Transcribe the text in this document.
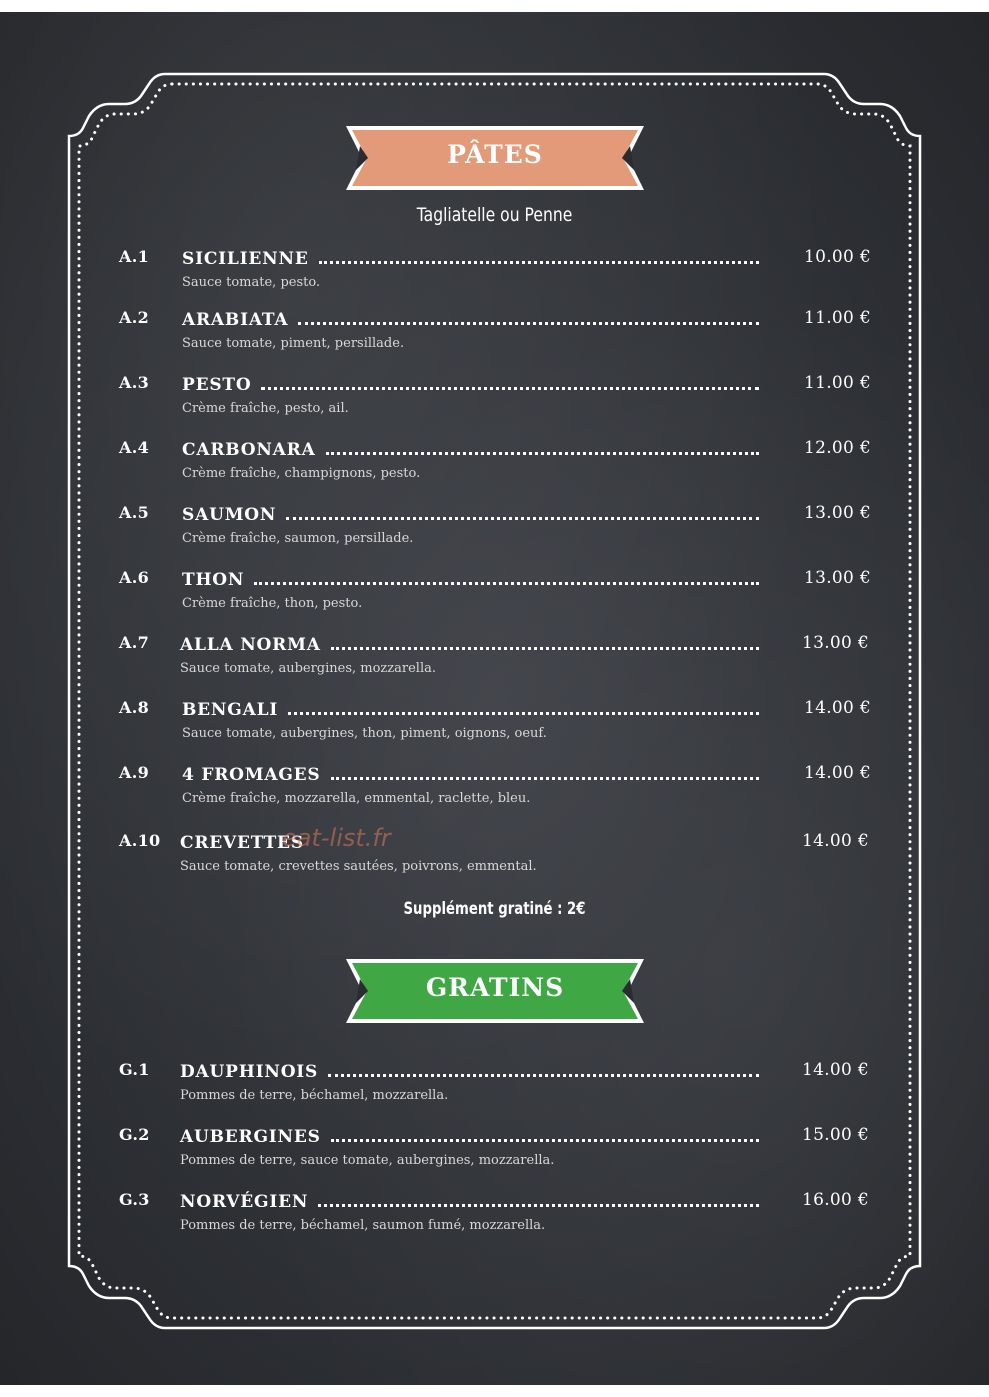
PÂTES
Tagliatelle ou Penne
A.1 SICILIENNE	10.00 €
Sauce tomate, pesto.
A.2 ARABIATA	11.00 €
Sauce tomate, piment, persillade.
A.3 PESTO	11.00 €
Crème fraîche, pesto, ail.
A.4 CARBONARA	12.00 €
Crème fraîche, champignons, pesto.
A.5 SAUMON	13.00 €
Crème fraîche, saumon, persillade.
A.6 THON	13.00 €
Crème fraîche, thon, pesto.
A.7 ALLA NORMA	13.00 €
Sauce tomate, aubergines, mozzarella.
A.8 BENGALI	14.00 €
Sauce tomate, aubergines, thon, piment, oignons, oeuf.
A.9 4 FROMAGES	14.00 €
Crème fraîche, mozzarella, emmental, raclette, bleu.
A.10 CREVETTES	14.00 €
Sauce tomate, crevettes sautées, poivrons, emmental.
eat-list.fr
Supplément gratiné : 2€
GRATINS
G.1 DAUPHINOIS	14.00 €
Pommes de terre, béchamel, mozzarella.
G.2 AUBERGINES	15.00 €
Pommes de terre, sauce tomate, aubergines, mozzarella.
G.3 NORVÉGIEN	16.00 €
Pommes de terre, béchamel, saumon fumé, mozzarella.
